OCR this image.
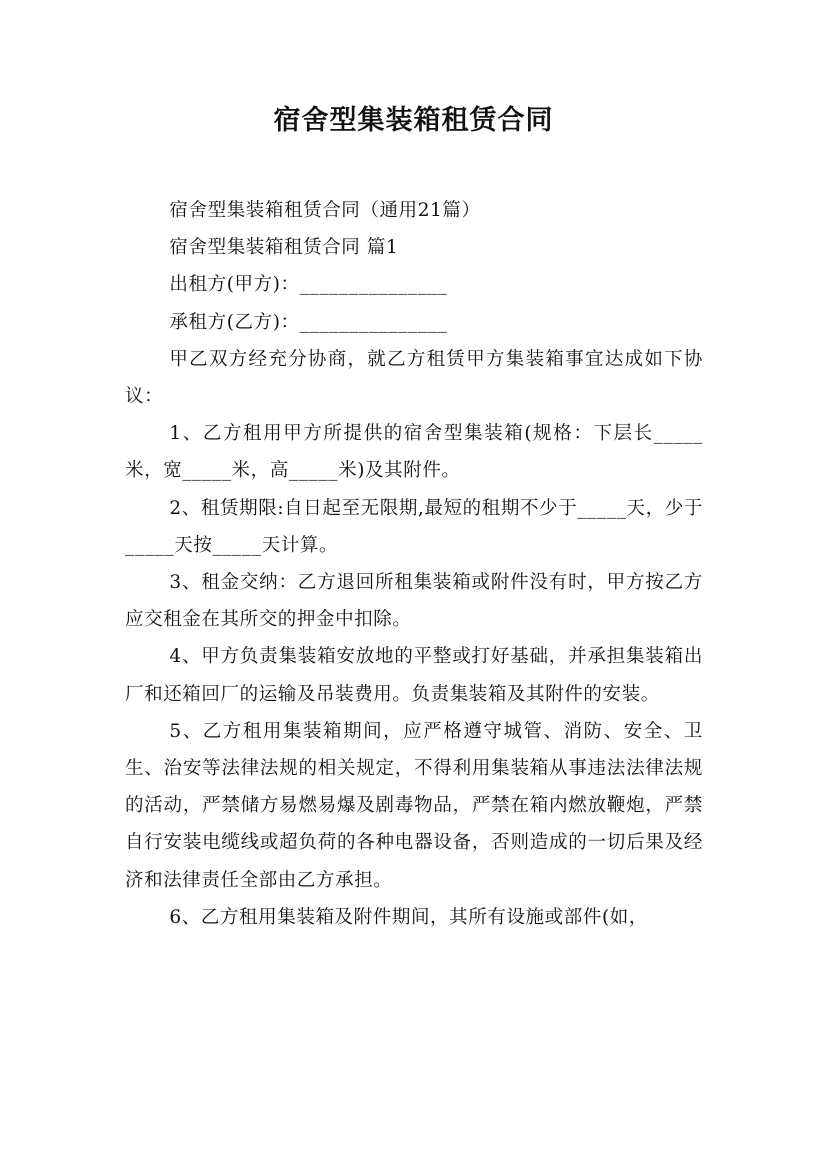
宿舍型集装箱租赁合同

宿舍型集装箱租赁合同（通用21篇）

宿舍型集装箱租赁合同 篇1

出租方(甲方)：_______________

承租方(乙方)：_______________

甲乙双方经充分协商，就乙方租赁甲方集装箱事宜达成如下协议：

1、乙方租用甲方所提供的宿舍型集装箱(规格：下层长_____米，宽_____米，高_____米)及其附件。

2、租赁期限:自日起至无限期,最短的租期不少于_____天，少于_____天按_____天计算。

3、租金交纳：乙方退回所租集装箱或附件没有时，甲方按乙方应交租金在其所交的押金中扣除。

4、甲方负责集装箱安放地的平整或打好基础，并承担集装箱出厂和还箱回厂的运输及吊装费用。负责集装箱及其附件的安装。

5、乙方租用集装箱期间，应严格遵守城管、消防、安全、卫生、治安等法律法规的相关规定，不得利用集装箱从事违法法律法规的活动，严禁储方易燃易爆及剧毒物品，严禁在箱内燃放鞭炮，严禁自行安装电缆线或超负荷的各种电器设备，否则造成的一切后果及经济和法律责任全部由乙方承担。

6、乙方租用集装箱及附件期间，其所有设施或部件(如，
